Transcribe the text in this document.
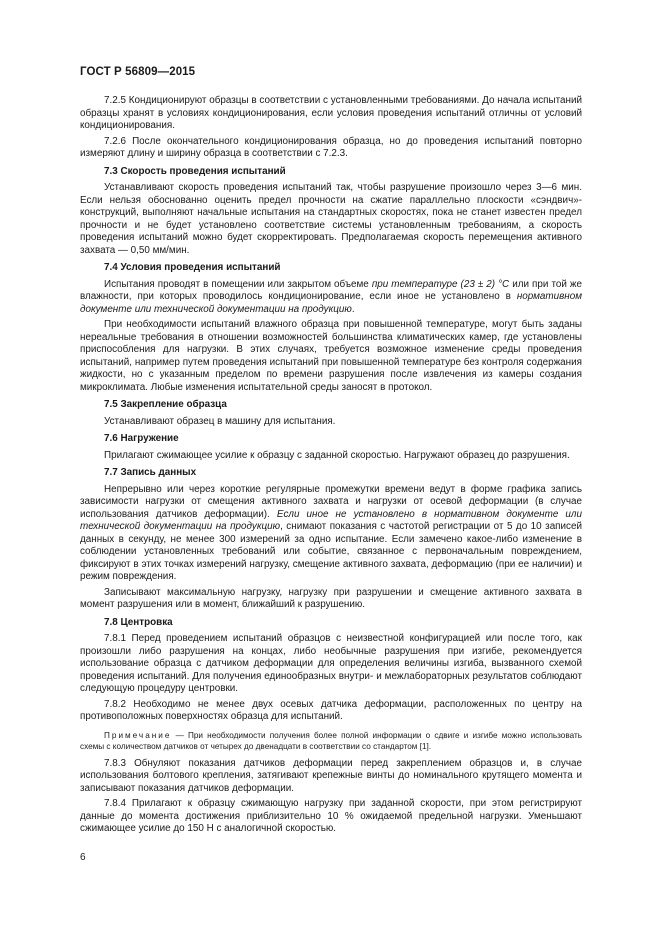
ГОСТ Р 56809—2015
7.2.5 Кондиционируют образцы в соответствии с установленными требованиями. До начала испытаний образцы хранят в условиях кондиционирования, если условия проведения испытаний отличны от условий кондиционирования.
7.2.6 После окончательного кондиционирования образца, но до проведения испытаний повторно измеряют длину и ширину образца в соответствии с 7.2.3.
7.3 Скорость проведения испытаний
Устанавливают скорость проведения испытаний так, чтобы разрушение произошло через 3—6 мин. Если нельзя обоснованно оценить предел прочности на сжатие параллельно плоскости «сэндвич»-конструкций, выполняют начальные испытания на стандартных скоростях, пока не станет известен предел прочности и не будет установлено соответствие системы установленным требованиям, а скорость проведения испытаний можно будет скорректировать. Предполагаемая скорость перемещения активного захвата — 0,50 мм/мин.
7.4 Условия проведения испытаний
Испытания проводят в помещении или закрытом объеме при температуре (23 ± 2) °С или при той же влажности, при которых проводилось кондиционирование, если иное не установлено в нормативном документе или технической документации на продукцию.
При необходимости испытаний влажного образца при повышенной температуре, могут быть заданы нереальные требования в отношении возможностей большинства климатических камер, где установлены приспособления для нагрузки. В этих случаях, требуется возможное изменение среды проведения испытаний, например путем проведения испытаний при повышенной температуре без контроля содержания жидкости, но с указанным пределом по времени разрушения после извлечения из камеры создания микроклимата. Любые изменения испытательной среды заносят в протокол.
7.5 Закрепление образца
Устанавливают образец в машину для испытания.
7.6 Нагружение
Прилагают сжимающее усилие к образцу с заданной скоростью. Нагружают образец до разрушения.
7.7 Запись данных
Непрерывно или через короткие регулярные промежутки времени ведут в форме графика запись зависимости нагрузки от смещения активного захвата и нагрузки от осевой деформации (в случае использования датчиков деформации). Если иное не установлено в нормативном документе или технической документации на продукцию, снимают показания с частотой регистрации от 5 до 10 записей данных в секунду, не менее 300 измерений за одно испытание. Если замечено какое-либо изменение в соблюдении установленных требований или событие, связанное с первоначальным повреждением, фиксируют в этих точках измерений нагрузку, смещение активного захвата, деформацию (при ее наличии) и режим повреждения.
Записывают максимальную нагрузку, нагрузку при разрушении и смещение активного захвата в момент разрушения или в момент, ближайший к разрушению.
7.8 Центровка
7.8.1 Перед проведением испытаний образцов с неизвестной конфигурацией или после того, как произошли либо разрушения на концах, либо необычные разрушения при изгибе, рекомендуется использование образца с датчиком деформации для определения величины изгиба, вызванного схемой проведения испытаний. Для получения единообразных внутри- и межлабораторных результатов соблюдают следующую процедуру центровки.
7.8.2 Необходимо не менее двух осевых датчика деформации, расположенных по центру на противоположных поверхностях образца для испытаний.
Примечание — При необходимости получения более полной информации о сдвиге и изгибе можно использовать схемы с количеством датчиков от четырех до двенадцати в соответствии со стандартом [1].
7.8.3 Обнуляют показания датчиков деформации перед закреплением образцов и, в случае использования болтового крепления, затягивают крепежные винты до номинального крутящего момента и записывают показания датчиков деформации.
7.8.4 Прилагают к образцу сжимающую нагрузку при заданной скорости, при этом регистрируют данные до момента достижения приблизительно 10 % ожидаемой предельной нагрузки. Уменьшают сжимающее усилие до 150 Н с аналогичной скоростью.
6
